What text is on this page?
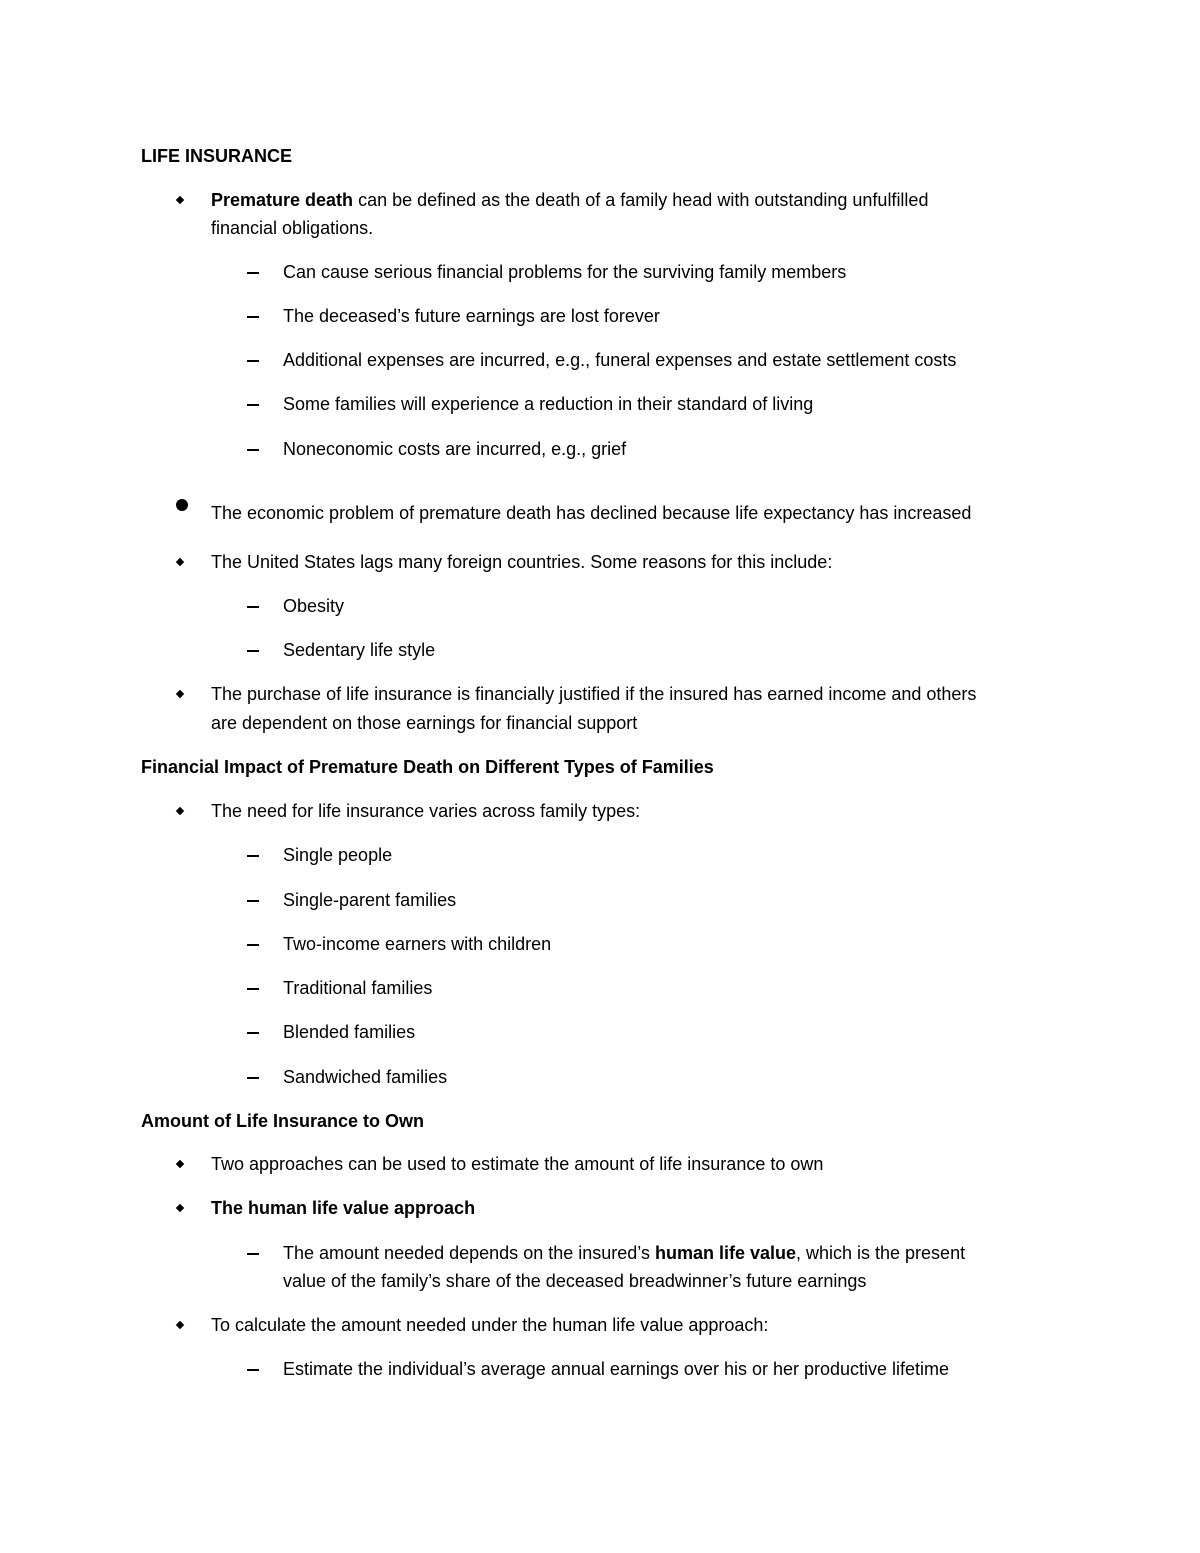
LIFE INSURANCE
Premature death can be defined as the death of a family head with outstanding unfulfilled
financial obligations.
Can cause serious financial problems for the surviving family members
The deceased’s future earnings are lost forever
Additional expenses are incurred, e.g., funeral expenses and estate settlement costs
Some families will experience a reduction in their standard of living
Noneconomic costs are incurred, e.g., grief
The economic problem of premature death has declined because life expectancy has increased
The United States lags many foreign countries. Some reasons for this include:
Obesity
Sedentary life style
The purchase of life insurance is financially justified if the insured has earned income and others
are dependent on those earnings for financial support
Financial Impact of Premature Death on Different Types of Families
The need for life insurance varies across family types:
Single people
Single-parent families
Two-income earners with children
Traditional families
Blended families
Sandwiched families
Amount of Life Insurance to Own
Two approaches can be used to estimate the amount of life insurance to own
The human life value approach
The amount needed depends on the insured’s human life value, which is the present
value of the family’s share of the deceased breadwinner’s future earnings
To calculate the amount needed under the human life value approach:
Estimate the individual’s average annual earnings over his or her productive lifetime
